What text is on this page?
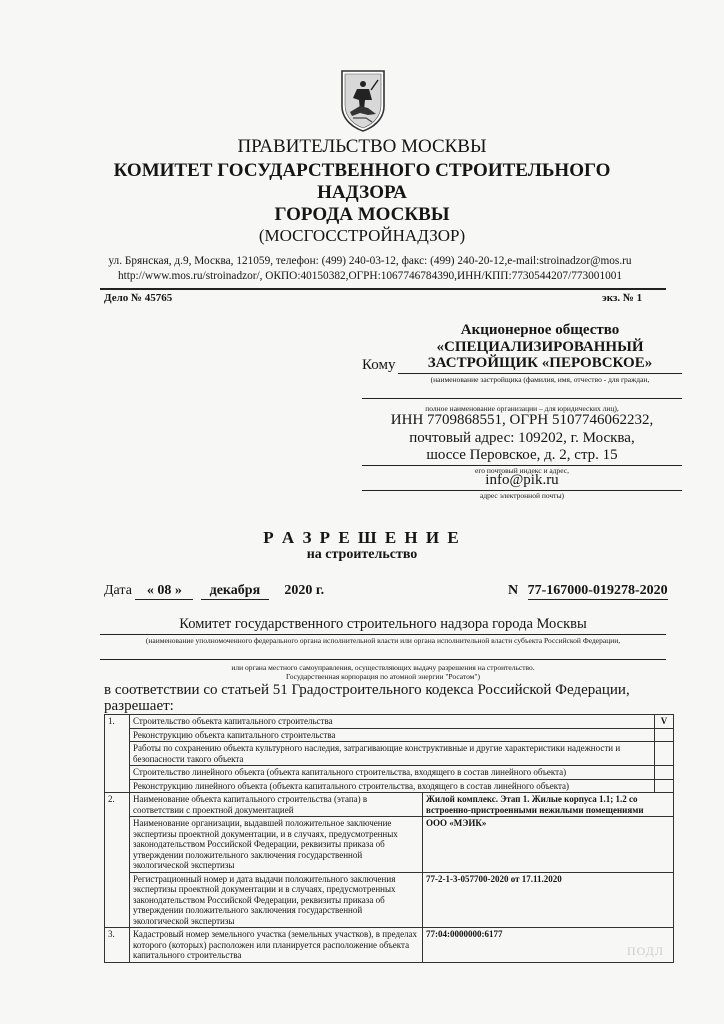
ПРАВИТЕЛЬСТВО МОСКВЫ
КОМИТЕТ ГОСУДАРСТВЕННОГО СТРОИТЕЛЬНОГО
НАДЗОРА
ГОРОДА МОСКВЫ
(МОСГОССТРОЙНАДЗОР)
ул. Брянская, д.9, Москва, 121059, телефон: (499) 240-03-12, факс: (499) 240-20-12,e-mail:stroinadzor@mos.ru
http://www.mos.ru/stroinadzor/, ОКПО:40150382,ОГРН:1067746784390,ИНН/КПП:7730544207/773001001
Дело № 45765	экз. № 1
Акционерное общество
«СПЕЦИАЛИЗИРОВАННЫЙ
Кому	ЗАСТРОЙЩИК «ПЕРОВСКОЕ»
(наименование застройщика (фамилия, имя, отчество - для граждан,
полное наименование организации – для юридических лиц),
ИНН 7709868551, ОГРН 5107746062232,
почтовый адрес: 109202, г. Москва,
шоссе Перовское, д. 2, стр. 15
его почтовый индекс и адрес,
info@pik.ru
адрес электронной почты)
Р А З Р Е Ш Е Н И Е
на строительство
Дата « 08 » декабря 2020 г.	N 77-167000-019278-2020
Комитет государственного строительного надзора города Москвы
(наименование уполномоченного федерального органа исполнительной власти или органа исполнительной власти субъекта Российской Федерации,
или органа местного самоуправления, осуществляющих выдачу разрешения на строительство.
Государственная корпорация по атомной энергии "Росатом")
в соответствии со статьей 51 Градостроительного кодекса Российской Федерации,
разрешает:
1.	Строительство объекта капитального строительства		V
	Реконструкцию объекта капитального строительства		
	Работы по сохранению объекта культурного наследия, затрагивающие конструктивные и другие характеристики надежности и безопасности такого объекта		
	Строительство линейного объекта (объекта капитального строительства, входящего в состав линейного объекта)		
	Реконструкцию линейного объекта (объекта капитального строительства, входящего в состав линейного объекта)		
2.	Наименование объекта капитального строительства (этапа) в соответствии с проектной документацией	Жилой комплекс. Этап 1. Жилые корпуса 1.1; 1.2 со встроенно-пристроенными нежилыми помещениями	
	Наименование организации, выдавшей положительное заключение экспертизы проектной документации, и в случаях, предусмотренных законодательством Российской Федерации, реквизиты приказа об утверждении положительного заключения государственной экологической экспертизы	ООО «МЭИК»	
	Регистрационный номер и дата выдачи положительного заключения экспертизы проектной документации и в случаях, предусмотренных законодательством Российской Федерации, реквизиты приказа об утверждении положительного заключения государственной экологической экспертизы	77-2-1-3-057700-2020 от 17.11.2020	
3.	Кадастровый номер земельного участка (земельных участков), в пределах которого (которых) расположен или планируется расположение объекта капитального строительства	77:04:0000000:6177	
ПОДЛ
